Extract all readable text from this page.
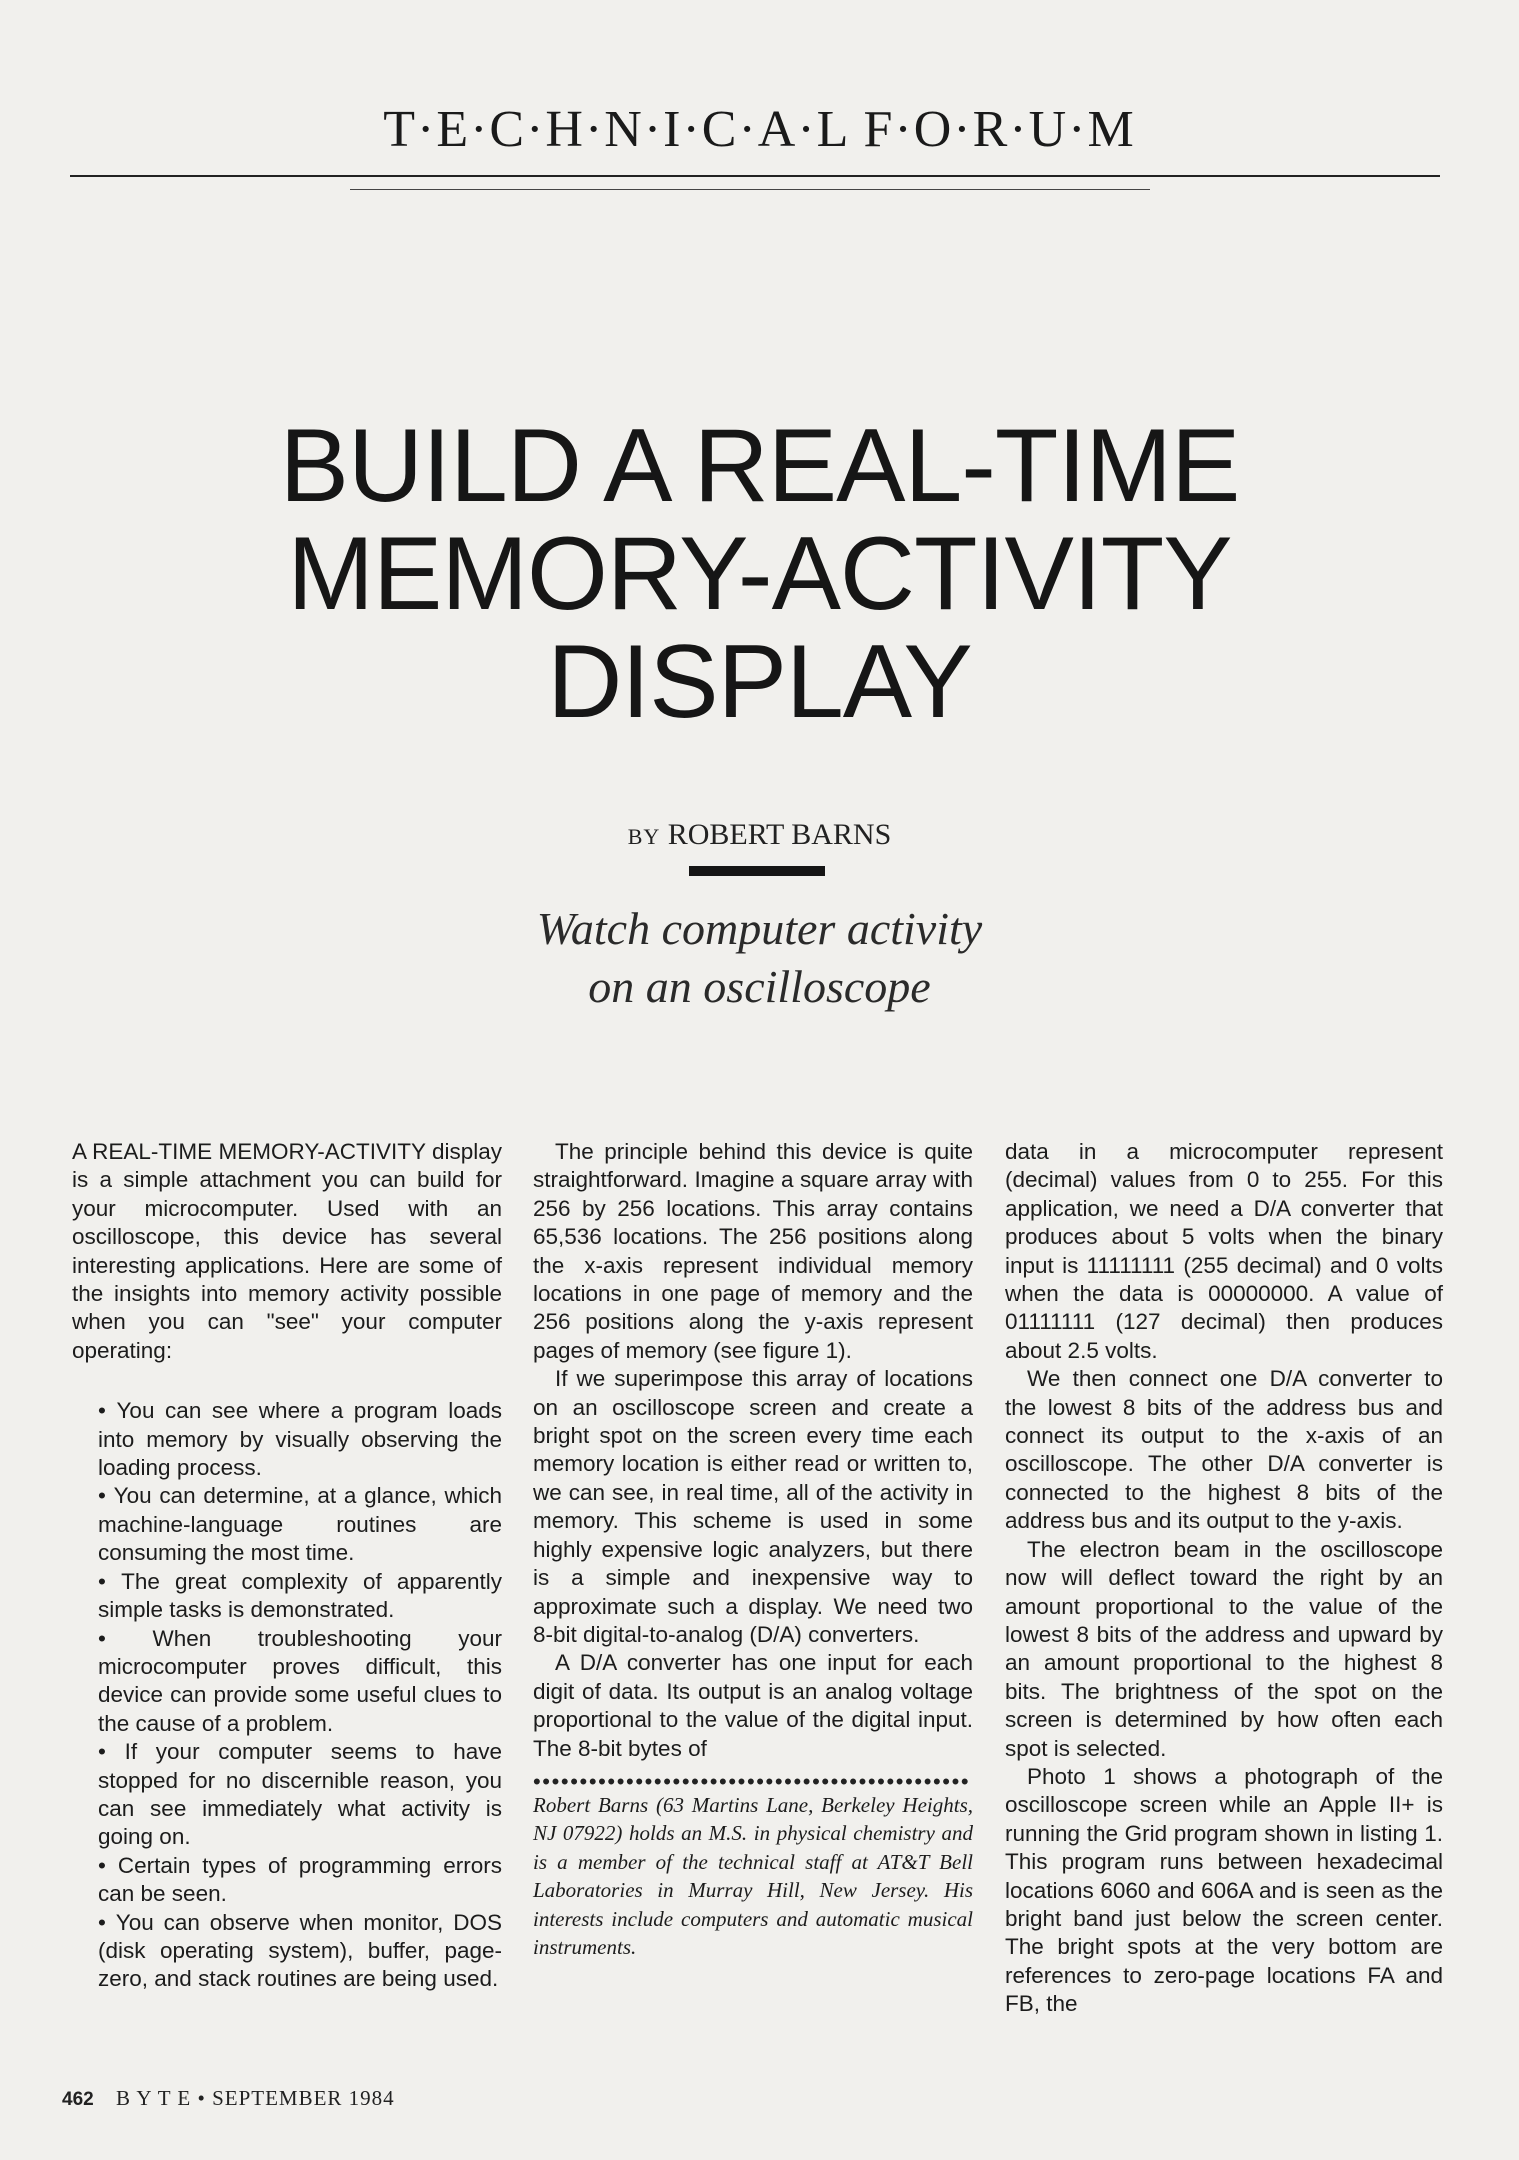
T·E·C·H·N·I·C·A·L F·O·R·U·M
BUILD A REAL-TIME
MEMORY-ACTIVITY
DISPLAY
BY ROBERT BARNS
Watch computer activity
on an oscilloscope

A REAL-TIME MEMORY-ACTIVITY display is a simple attachment you can build for your microcomputer. Used with an oscilloscope, this device has several interesting applications. Here are some of the insights into memory activity possible when you can "see" your computer operating:

• You can see where a program loads into memory by visually observing the loading process.

• You can determine, at a glance, which machine-language routines are consuming the most time.

• The great complexity of apparently simple tasks is demonstrated.

• When troubleshooting your microcomputer proves difficult, this device can provide some useful clues to the cause of a problem.

• If your computer seems to have stopped for no discernible reason, you can see immediately what activity is going on.

• Certain types of programming errors can be seen.

• You can observe when monitor, DOS (disk operating system), buffer, page-zero, and stack routines are being used.

The principle behind this device is quite straightforward. Imagine a square array with 256 by 256 locations. This array contains 65,536 locations. The 256 positions along the x-axis represent individual memory locations in one page of memory and the 256 positions along the y-axis represent pages of memory (see figure 1).

If we superimpose this array of locations on an oscilloscope screen and create a bright spot on the screen every time each memory location is either read or written to, we can see, in real time, all of the activity in memory. This scheme is used in some highly expensive logic analyzers, but there is a simple and inexpensive way to approximate such a display. We need two 8-bit digital-to-analog (D/A) converters.

A D/A converter has one input for each digit of data. Its output is an analog voltage proportional to the value of the digital input. The 8-bit bytes of

•••••••••••••••••••••••••••••••••••••••••••••••

Robert Barns (63 Martins Lane, Berkeley Heights, NJ 07922) holds an M.S. in physical chemistry and is a member of the technical staff at AT&T Bell Laboratories in Murray Hill, New Jersey. His interests include computers and automatic musical instruments.

data in a microcomputer represent (decimal) values from 0 to 255. For this application, we need a D/A converter that produces about 5 volts when the binary input is 11111111 (255 decimal) and 0 volts when the data is 00000000. A value of 01111111 (127 decimal) then produces about 2.5 volts.

We then connect one D/A converter to the lowest 8 bits of the address bus and connect its output to the x-axis of an oscilloscope. The other D/A converter is connected to the highest 8 bits of the address bus and its output to the y-axis.

The electron beam in the oscilloscope now will deflect toward the right by an amount proportional to the value of the lowest 8 bits of the address and upward by an amount proportional to the highest 8 bits. The brightness of the spot on the screen is determined by how often each spot is selected.

Photo 1 shows a photograph of the oscilloscope screen while an Apple II+ is running the Grid program shown in listing 1. This program runs between hexadecimal locations 6060 and 606A and is seen as the bright band just below the screen center. The bright spots at the very bottom are references to zero-page locations FA and FB, the

462 B Y T E • SEPTEMBER 1984
